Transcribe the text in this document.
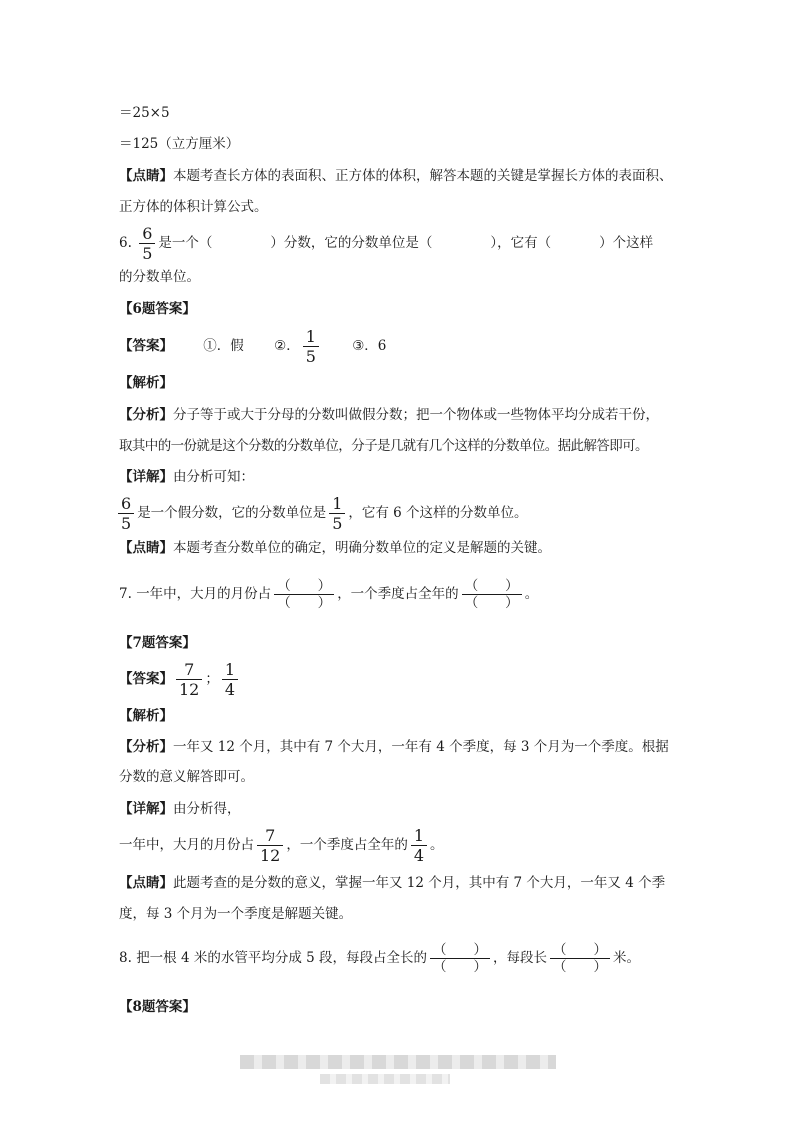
＝25×5
＝125（立方厘米）
【点睛】本题考查长方体的表面积、正方体的体积，解答本题的关键是掌握长方体的表面积、
正方体的体积计算公式。
6. $\frac{6}{5}$ 是一个（	）分数，它的分数单位是（	），它有（	）个这样
的分数单位。
【6题答案】
【答案】 ①．假 ②． $\frac{1}{5}$ ③．6
【解析】
【分析】分子等于或大于分母的分数叫做假分数；把一个物体或一些物体平均分成若干份，
取其中的一份就是这个分数的分数单位，分子是几就有几个这样的分数单位。据此解答即可。
【详解】由分析可知：
$\frac{6}{5}$ 是一个假分数，它的分数单位是 $\frac{1}{5}$ ，它有 6 个这样的分数单位。
【点睛】本题考查分数单位的确定，明确分数单位的定义是解题的关键。
7. 一年中，大月的月份占 $\frac{( )}{( )}$ ，一个季度占全年的 $\frac{( )}{( )}$ 。
【7题答案】
【答案】 $\frac{7}{12}$ ； $\frac{1}{4}$
【解析】
【分析】一年又 12 个月，其中有 7 个大月，一年有 4 个季度，每 3 个月为一个季度。根据
分数的意义解答即可。
【详解】由分析得，
一年中，大月的月份占 $\frac{7}{12}$ ，一个季度占全年的 $\frac{1}{4}$ 。
【点睛】此题考查的是分数的意义，掌握一年又 12 个月，其中有 7 个大月，一年又 4 个季
度，每 3 个月为一个季度是解题关键。
8. 把一根 4 米的水管平均分成 5 段，每段占全长的 $\frac{( )}{( )}$ ，每段长 $\frac{( )}{( )}$ 米。
【8题答案】
